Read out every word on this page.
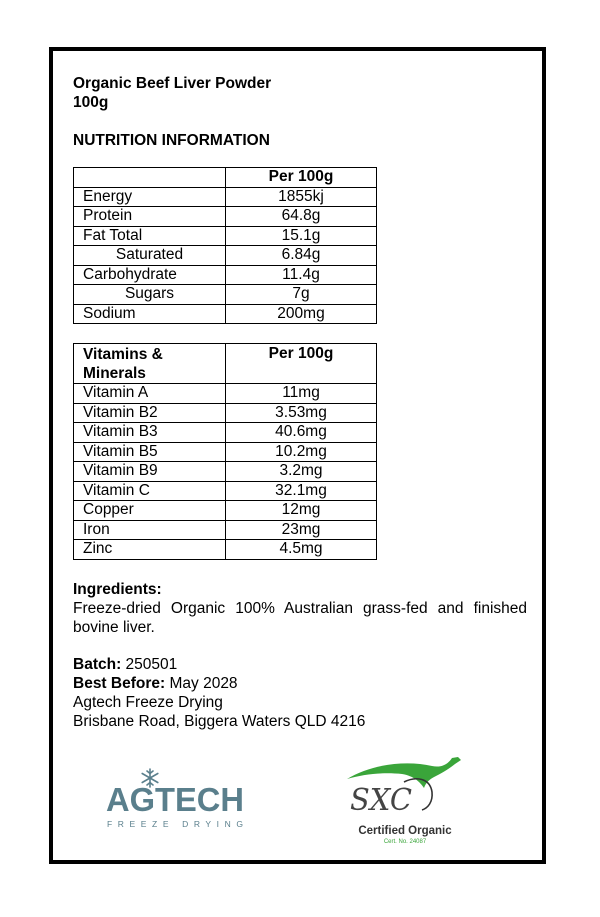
Organic Beef Liver Powder
100g
NUTRITION INFORMATION
	Per 100g
Energy	1855kj
Protein	64.8g
Fat Total	15.1g
Saturated	6.84g
Carbohydrate	11.4g
Sugars	7g
Sodium	200mg
Vitamins &
Minerals	Per 100g
Vitamin A	11mg
Vitamin B2	3.53mg
Vitamin B3	40.6mg
Vitamin B5	10.2mg
Vitamin B9	3.2mg
Vitamin C	32.1mg
Copper	12mg
Iron	23mg
Zinc	4.5mg
Ingredients:
Freeze-dried Organic 100% Australian grass-fed and finished bovine liver.
Batch: 250501
Best Before: May 2028
Agtech Freeze Drying
Brisbane Road, Biggera Waters QLD 4216
AGTECH
FREEZE DRYING
SXC
Certified Organic
Cert. No. 24087
